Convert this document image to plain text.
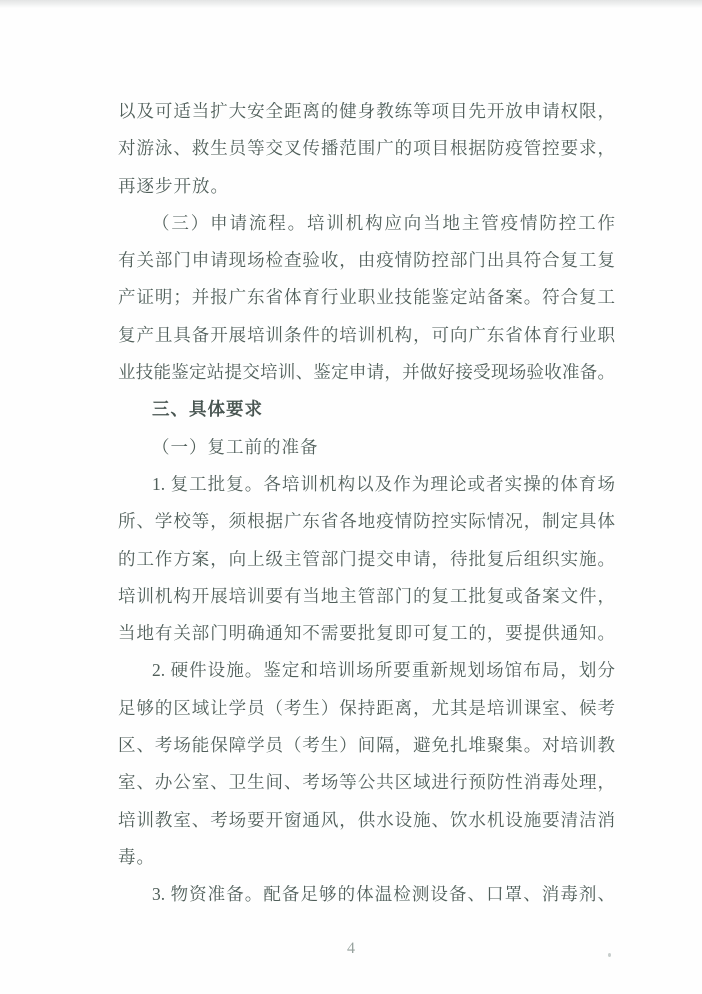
以及可适当扩大安全距离的健身教练等项目先开放申请权限，
对游泳、救生员等交叉传播范围广的项目根据防疫管控要求，
再逐步开放。
（三）申请流程。培训机构应向当地主管疫情防控工作
有关部门申请现场检查验收，由疫情防控部门出具符合复工复
产证明；并报广东省体育行业职业技能鉴定站备案。符合复工
复产且具备开展培训条件的培训机构，可向广东省体育行业职
业技能鉴定站提交培训、鉴定申请，并做好接受现场验收准备。
三、具体要求
（一）复工前的准备
1. 复工批复。各培训机构以及作为理论或者实操的体育场
所、学校等，须根据广东省各地疫情防控实际情况，制定具体
的工作方案，向上级主管部门提交申请，待批复后组织实施。
培训机构开展培训要有当地主管部门的复工批复或备案文件，
当地有关部门明确通知不需要批复即可复工的，要提供通知。
2. 硬件设施。鉴定和培训场所要重新规划场馆布局，划分
足够的区域让学员（考生）保持距离，尤其是培训课室、候考
区、考场能保障学员（考生）间隔，避免扎堆聚集。对培训教
室、办公室、卫生间、考场等公共区域进行预防性消毒处理，
培训教室、考场要开窗通风，供水设施、饮水机设施要清洁消
毒。
3. 物资准备。配备足够的体温检测设备、口罩、消毒剂、
4
